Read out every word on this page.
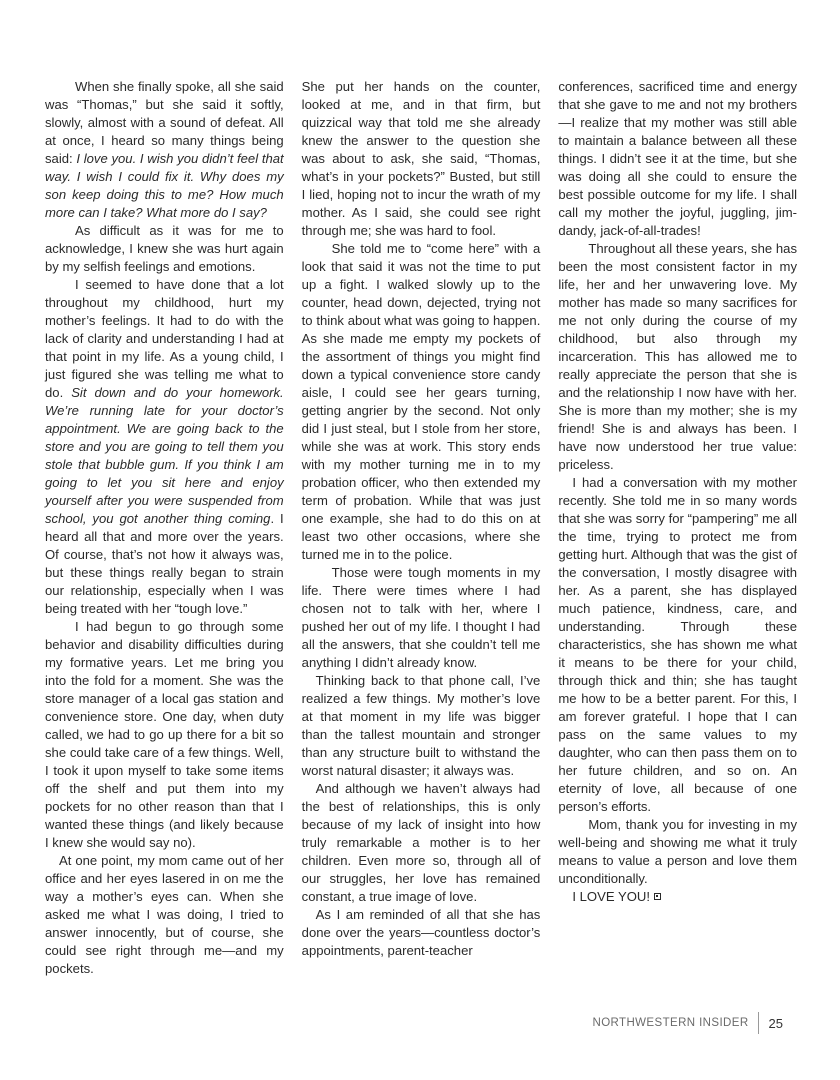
When she finally spoke, all she said was “Thomas,” but she said it softly, slowly, almost with a sound of defeat. All at once, I heard so many things being said: I love you. I wish you didn’t feel that way. I wish I could fix it. Why does my son keep doing this to me? How much more can I take? What more do I say?

As difficult as it was for me to acknowledge, I knew she was hurt again by my selfish feelings and emotions.

I seemed to have done that a lot throughout my childhood, hurt my mother’s feelings. It had to do with the lack of clarity and understanding I had at that point in my life. As a young child, I just figured she was telling me what to do. Sit down and do your homework. We’re running late for your doctor’s appointment. We are going back to the store and you are going to tell them you stole that bubble gum. If you think I am going to let you sit here and enjoy yourself after you were suspended from school, you got another thing coming. I heard all that and more over the years. Of course, that’s not how it always was, but these things really began to strain our relationship, especially when I was being treated with her “tough love.”

I had begun to go through some behavior and disability difficulties during my formative years. Let me bring you into the fold for a moment. She was the store manager of a local gas station and convenience store. One day, when duty called, we had to go up there for a bit so she could take care of a few things. Well, I took it upon myself to take some items off the shelf and put them into my pockets for no other reason than that I wanted these things (and likely because I knew she would say no).

At one point, my mom came out of her office and her eyes lasered in on me the way a mother’s eyes can. When she asked me what I was doing, I tried to answer innocently, but of course, she could see right through me—and my pockets.

She put her hands on the counter, looked at me, and in that firm, but quizzical way that told me she already knew the answer to the question she was about to ask, she said, “Thomas, what’s in your pockets?” Busted, but still I lied, hoping not to incur the wrath of my mother. As I said, she could see right through me; she was hard to fool.

She told me to “come here” with a look that said it was not the time to put up a fight. I walked slowly up to the counter, head down, dejected, trying not to think about what was going to happen. As she made me empty my pockets of the assortment of things you might find down a typical convenience store candy aisle, I could see her gears turning, getting angrier by the second. Not only did I just steal, but I stole from her store, while she was at work. This story ends with my mother turning me in to my probation officer, who then extended my term of probation. While that was just one example, she had to do this on at least two other occasions, where she turned me in to the police.

Those were tough moments in my life. There were times where I had chosen not to talk with her, where I pushed her out of my life. I thought I had all the answers, that she couldn’t tell me anything I didn’t already know.

Thinking back to that phone call, I’ve realized a few things. My mother’s love at that moment in my life was bigger than the tallest mountain and stronger than any structure built to withstand the worst natural disaster; it always was.

And although we haven’t always had the best of relationships, this is only because of my lack of insight into how truly remarkable a mother is to her children. Even more so, through all of our struggles, her love has remained constant, a true image of love.

As I am reminded of all that she has done over the years—countless doctor’s appointments, parent-teacher

conferences, sacrificed time and energy that she gave to me and not my brothers—I realize that my mother was still able to maintain a balance between all these things. I didn’t see it at the time, but she was doing all she could to ensure the best possible outcome for my life. I shall call my mother the joyful, juggling, jim-dandy, jack-of-all-trades!

Throughout all these years, she has been the most consistent factor in my life, her and her unwavering love. My mother has made so many sacrifices for me not only during the course of my childhood, but also through my incarceration. This has allowed me to really appreciate the person that she is and the relationship I now have with her. She is more than my mother; she is my friend! She is and always has been. I have now understood her true value: priceless.

I had a conversation with my mother recently. She told me in so many words that she was sorry for “pampering” me all the time, trying to protect me from getting hurt. Although that was the gist of the conversation, I mostly disagree with her. As a parent, she has displayed much patience, kindness, care, and understanding. Through these characteristics, she has shown me what it means to be there for your child, through thick and thin; she has taught me how to be a better parent. For this, I am forever grateful. I hope that I can pass on the same values to my daughter, who can then pass them on to her future children, and so on. An eternity of love, all because of one person’s efforts.

Mom, thank you for investing in my well-being and showing me what it truly means to value a person and love them unconditionally.

I LOVE YOU!

NORTHWESTERN INSIDER 25
